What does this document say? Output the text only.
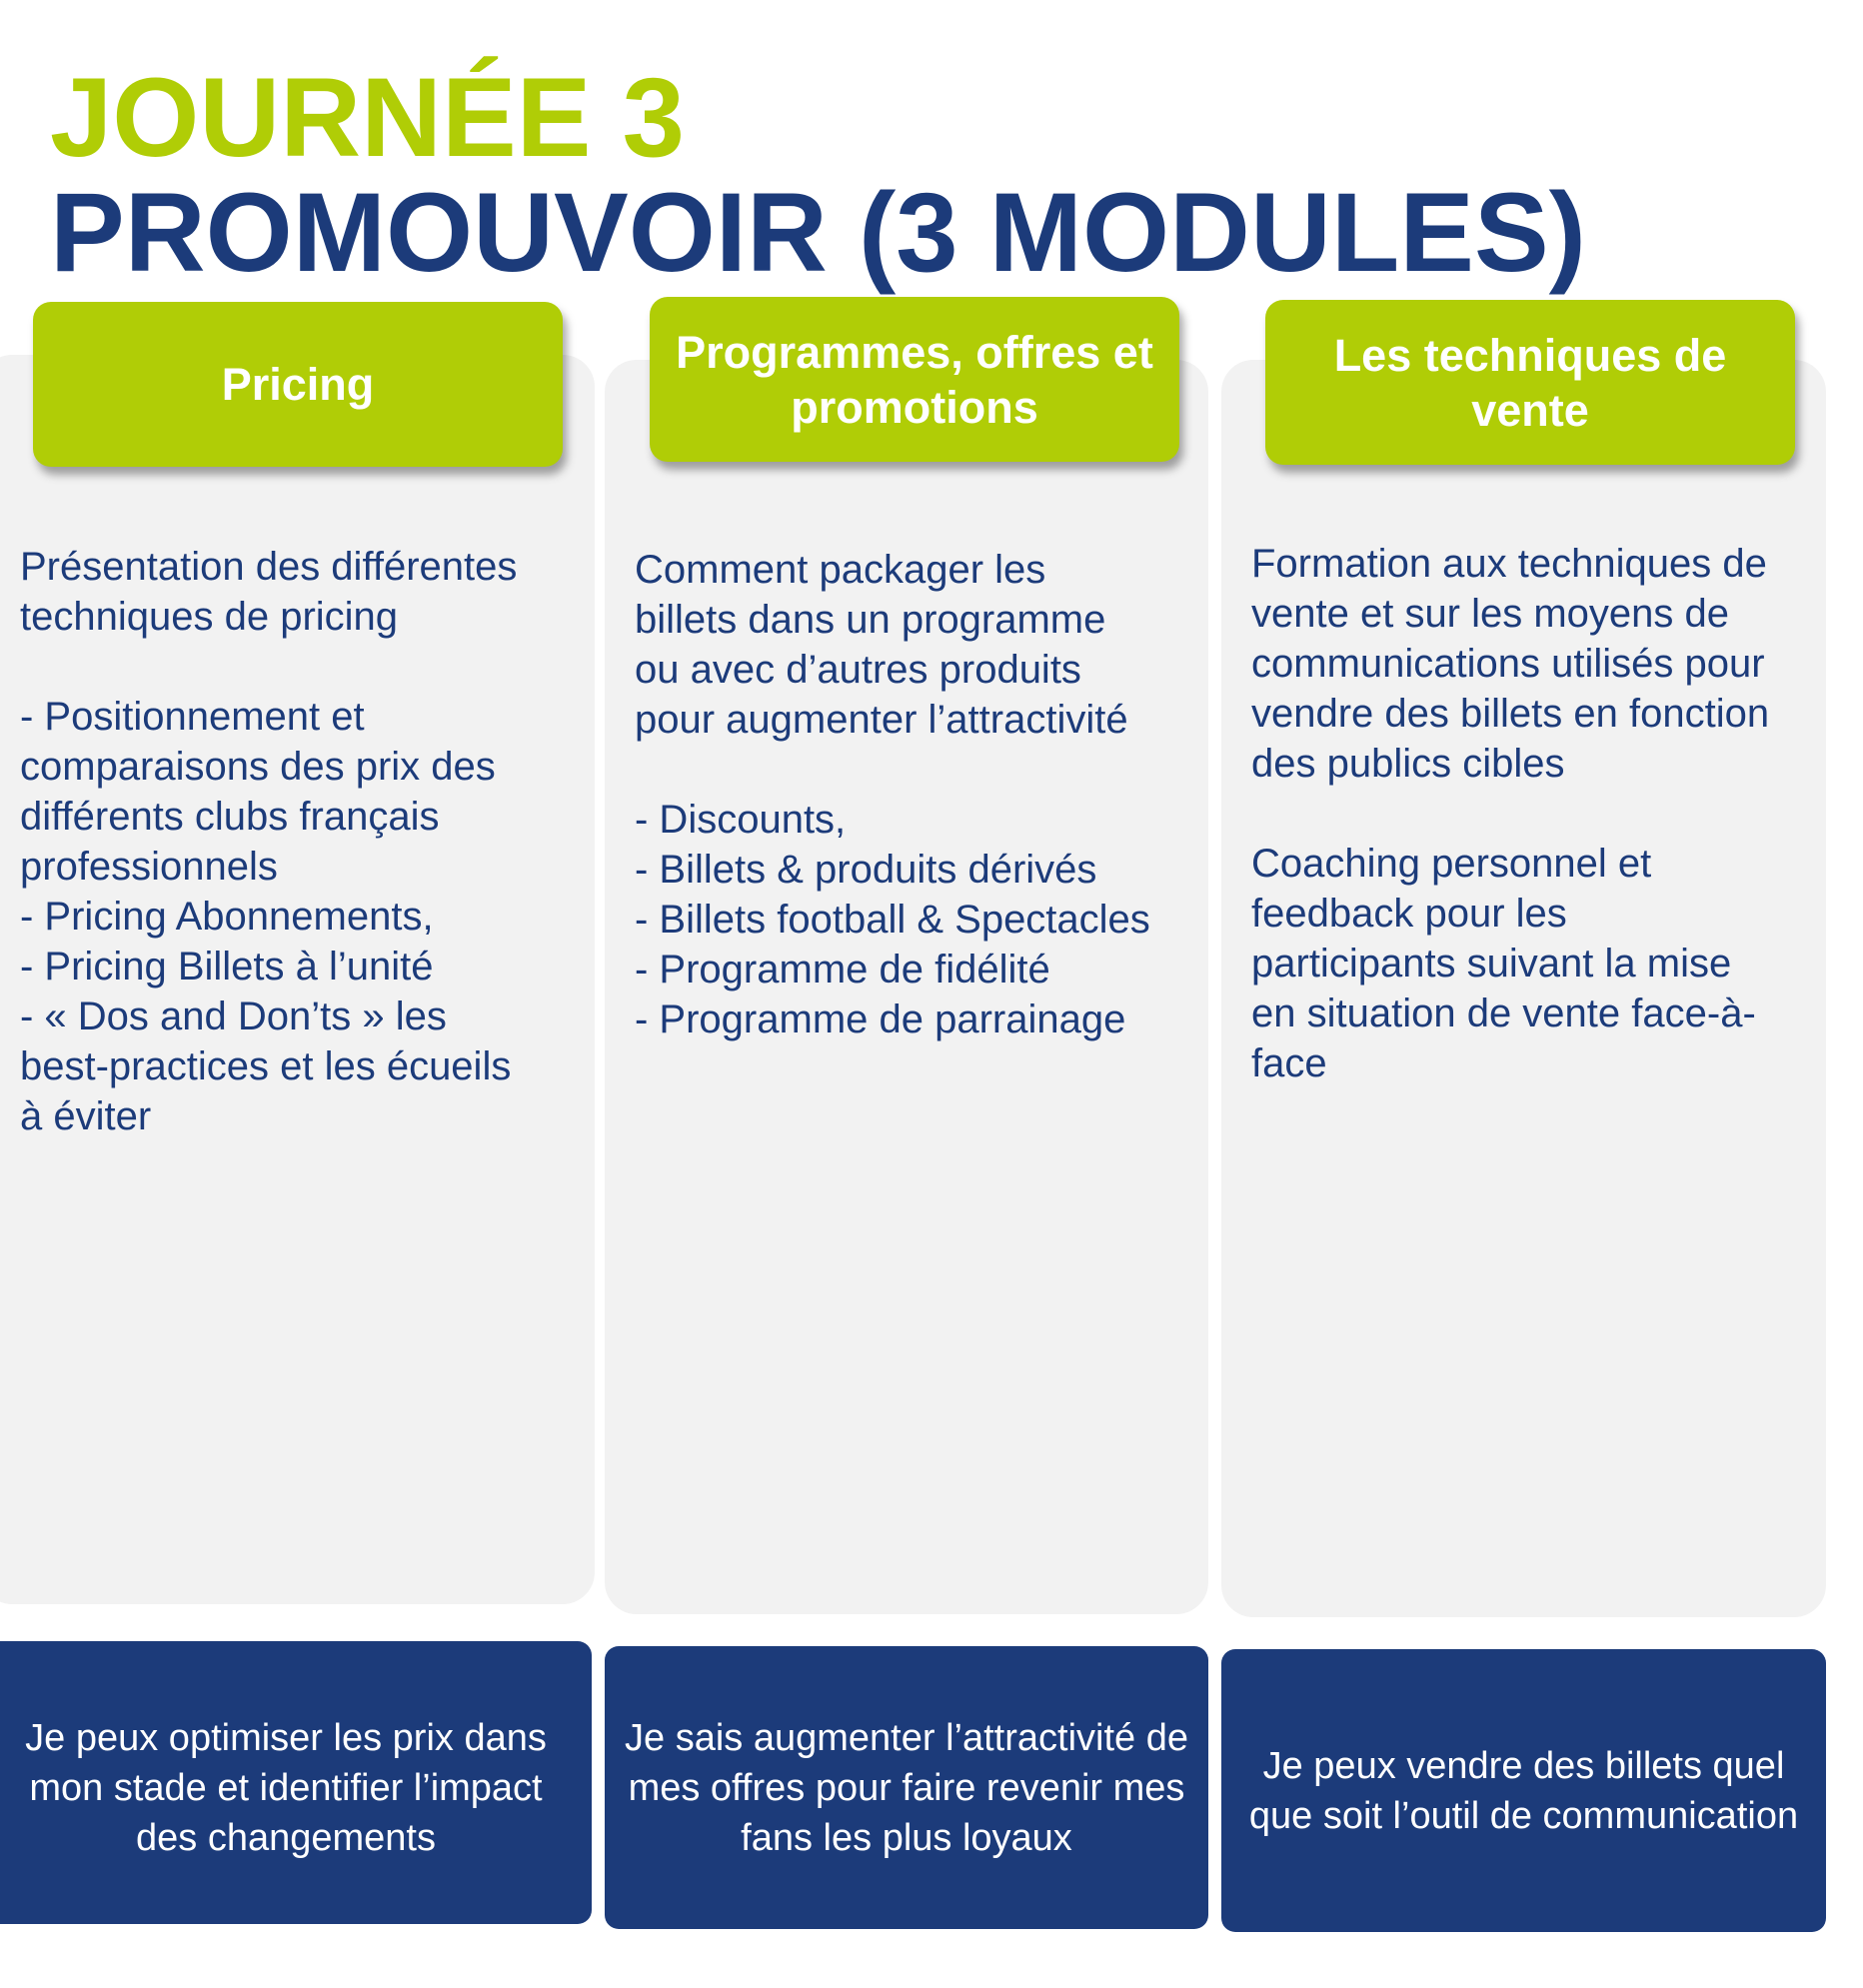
JOURNÉE 3
PROMOUVOIR (3 MODULES)
Pricing
Présentation des différentes
techniques de pricing

- Positionnement et
comparaisons des prix des
différents clubs français
professionnels
- Pricing Abonnements,
- Pricing Billets à l’unité
- « Dos and Don’ts » les
best-practices et les écueils
à éviter
Je peux optimiser les prix dans mon stade et identifier l’impact des changements
Programmes, offres et promotions
Comment packager les
billets dans un programme
ou avec d’autres produits
pour augmenter l’attractivité

- Discounts,
- Billets & produits dérivés
- Billets football & Spectacles
- Programme de fidélité
- Programme de parrainage
Je sais augmenter l’attractivité de mes offres pour faire revenir mes fans les plus loyaux
Les techniques de vente
Formation aux techniques de
vente et sur les moyens de
communications utilisés pour
vendre des billets en fonction
des publics cibles

Coaching personnel et
feedback pour les
participants suivant la mise
en situation de vente face-à-
face
Je peux vendre des billets quel que soit l’outil de communication
